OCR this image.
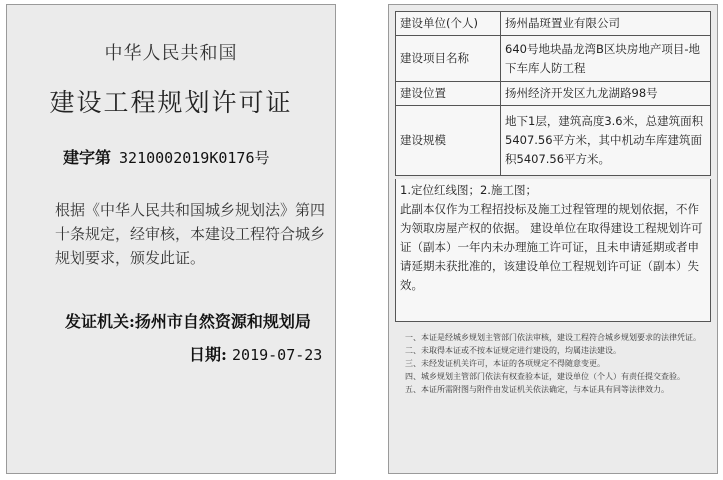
中华人民共和国
建设工程规划许可证
建字第 3210002019K0176号
根据《中华人民共和国城乡规划法》第四十条规定，经审核，本建设工程符合城乡规划要求，颁发此证。
发证机关:扬州市自然资源和规划局
日期: 2019-07-23
建设单位(个人)	扬州晶斑置业有限公司
建设项目名称	640号地块晶龙湾B区块房地产项目-地下车库人防工程
建设位置	扬州经济开发区九龙湖路98号
建设规模	地下1层，建筑高度3.6米，总建筑面积5407.56平方米，其中机动车库建筑面积5407.56平方米。
1.定位红线图；2.施工图；
此副本仅作为工程招投标及施工过程管理的规划依据，不作为领取房屋产权的依据。 建设单位在取得建设工程规划许可证（副本）一年内未办理施工许可证，且未申请延期或者申请延期未获批准的，该建设单位工程规划许可证（副本）失效。
一、本证是经城乡规划主管部门依法审核，建设工程符合城乡规划要求的法律凭证。
二、未取得本证或不按本证规定进行建设的，均属违法建设。
三、未经发证机关许可，本证的各项规定不得随意变更。
四、城乡规划主管部门依法有权查验本证，建设单位（个人）有责任提交查验。
五、本证所需附图与附件由发证机关依法确定，与本证具有同等法律效力。
